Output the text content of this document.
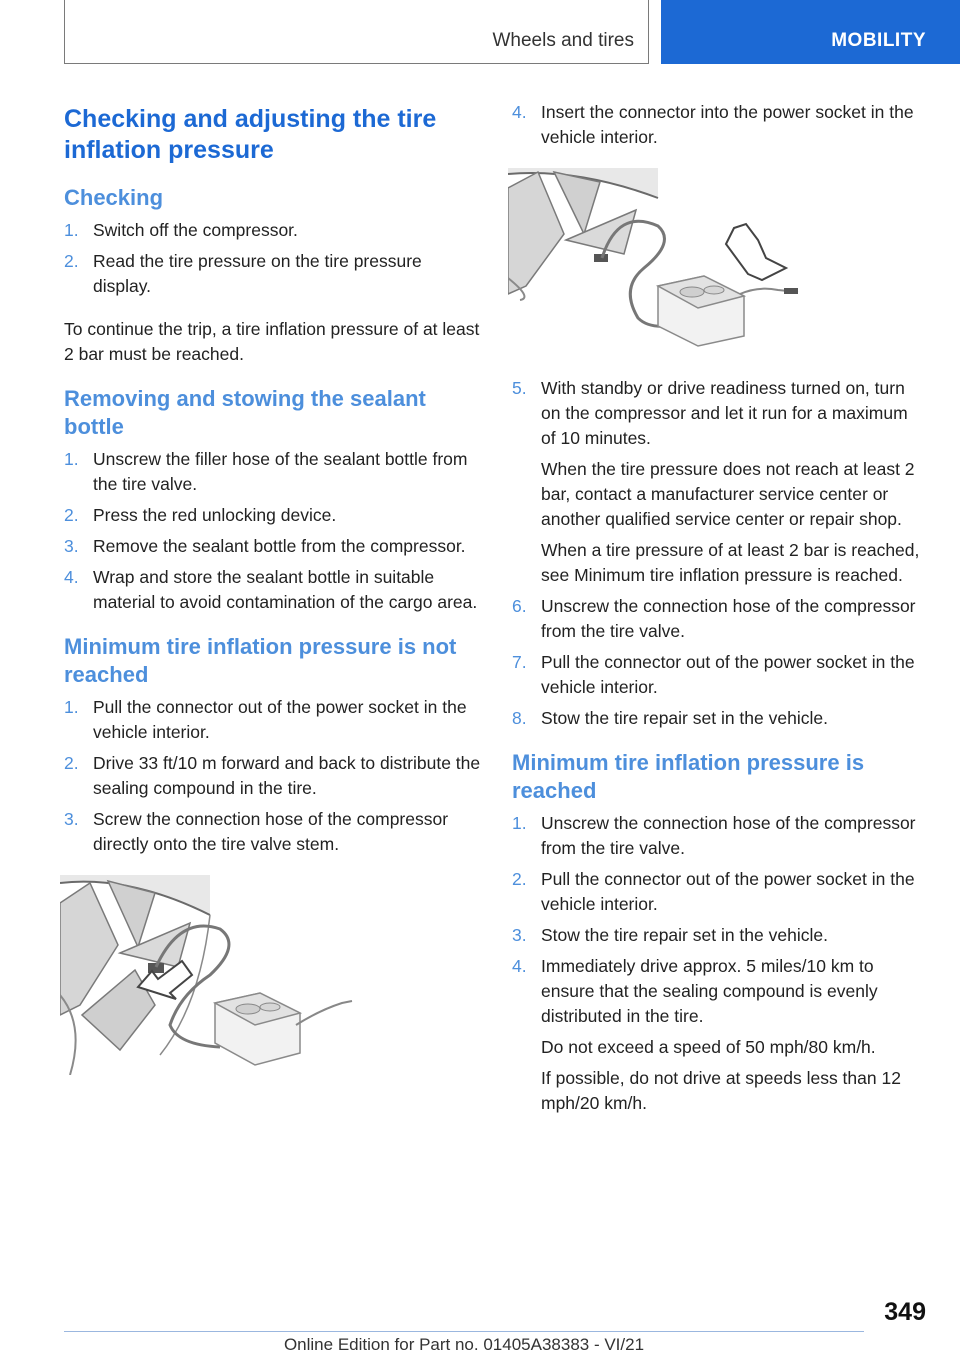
Wheels and tires	MOBILITY
Checking and adjusting the tire inflation pressure
Checking
1. Switch off the compressor.
2. Read the tire pressure on the tire pressure display.

To continue the trip, a tire inflation pressure of at least 2 bar must be reached.

Removing and stowing the sealant bottle
1. Unscrew the filler hose of the sealant bottle from the tire valve.
2. Press the red unlocking device.
3. Remove the sealant bottle from the compressor.
4. Wrap and store the sealant bottle in suitable material to avoid contamination of the cargo area.
Minimum tire inflation pressure is not reached
1. Pull the connector out of the power socket in the vehicle interior.
2. Drive 33 ft/10 m forward and back to distribute the sealing compound in the tire.
3. Screw the connection hose of the compressor directly onto the tire valve stem.
4. Insert the connector into the power socket in the vehicle interior.
5. With standby or drive readiness turned on, turn on the compressor and let it run for a maximum of 10 minutes.
When the tire pressure does not reach at least 2 bar, contact a manufacturer service center or another qualified service center or repair shop.
When a tire pressure of at least 2 bar is reached, see Minimum tire inflation pressure is reached.
6. Unscrew the connection hose of the compressor from the tire valve.
7. Pull the connector out of the power socket in the vehicle interior.
8. Stow the tire repair set in the vehicle.
Minimum tire inflation pressure is reached
1. Unscrew the connection hose of the compressor from the tire valve.
2. Pull the connector out of the power socket in the vehicle interior.
3. Stow the tire repair set in the vehicle.
4. Immediately drive approx. 5 miles/10 km to ensure that the sealing compound is evenly distributed in the tire.
Do not exceed a speed of 50 mph/80 km/h.
If possible, do not drive at speeds less than 12 mph/20 km/h.
349
Online Edition for Part no. 01405A38383 - VI/21
